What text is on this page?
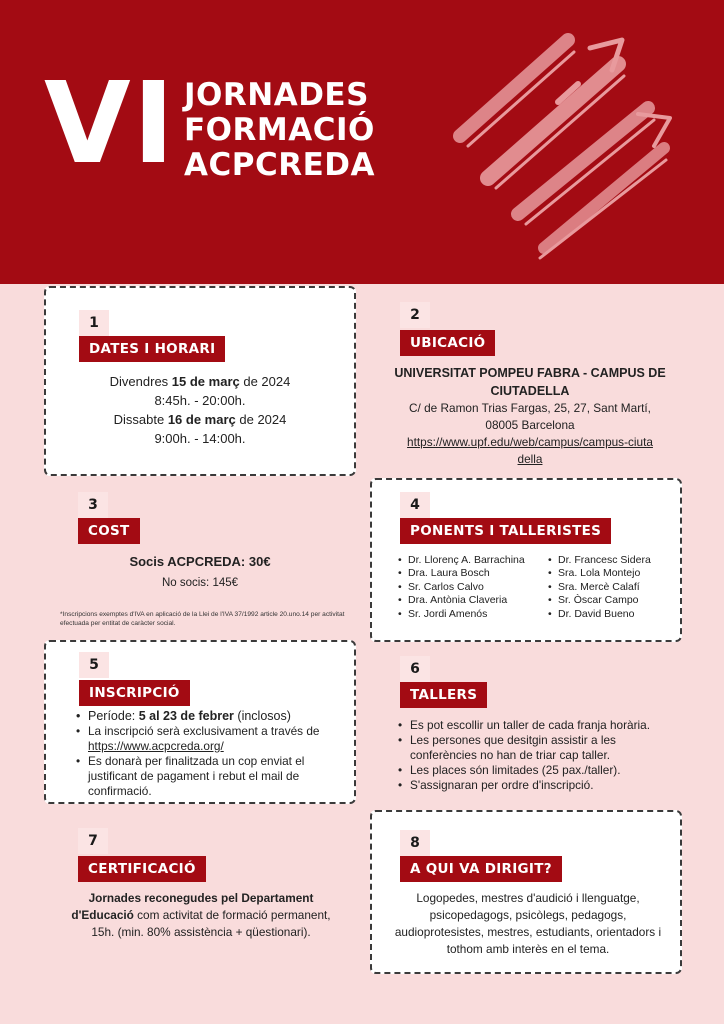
VI JORNADES
FORMACIÓ
ACPCREDA
1
DATES I HORARI
Divendres 15 de març de 2024
8:45h. - 20:00h.
Dissabte 16 de març de 2024
9:00h. - 14:00h.
2
UBICACIÓ
UNIVERSITAT POMPEU FABRA - CAMPUS DE CIUTADELLA
C/ de Ramon Trias Fargas, 25, 27, Sant Martí,
08005 Barcelona
https://www.upf.edu/web/campus/campus-ciutadella
3
COST
Socis ACPCREDA: 30€
No socis: 145€
*Inscripcions exemptes d'IVA en aplicació de la Llei de l'IVA 37/1992 article 20.uno.14 per activitat efectuada per entitat de caràcter social.
4
PONENTS I TALLERISTES
• Dr. Llorenç A. Barrachina
• Dra. Laura Bosch
• Sr. Carlos Calvo
• Dra. Antònia Claveria
• Sr. Jordi Amenós
• Dr. Francesc Sidera
• Sra. Lola Montejo
• Sra. Mercè Calafí
• Sr. Òscar Campo
• Dr. David Bueno
5
INSCRIPCIÓ
• Període: 5 al 23 de febrer (inclosos)
• La inscripció serà exclusivament a través de https://www.acpcreda.org/
• Es donarà per finalitzada un cop enviat el justificant de pagament i rebut el mail de confirmació.
6
TALLERS
• Es pot escollir un taller de cada franja horària.
• Les persones que desitgin assistir a les conferències no han de triar cap taller.
• Les places són limitades (25 pax./taller).
• S'assignaran per ordre d'inscripció.
7
CERTIFICACIÓ
Jornades reconegudes pel Departament d'Educació com activitat de formació permanent, 15h. (min. 80% assistència + qüestionari).
8
A QUI VA DIRIGIT?
Logopedes, mestres d'audició i llenguatge, psicopedagogs, psicòlegs, pedagogs, audioprotesistes, mestres, estudiants, orientadors i tothom amb interès en el tema.
